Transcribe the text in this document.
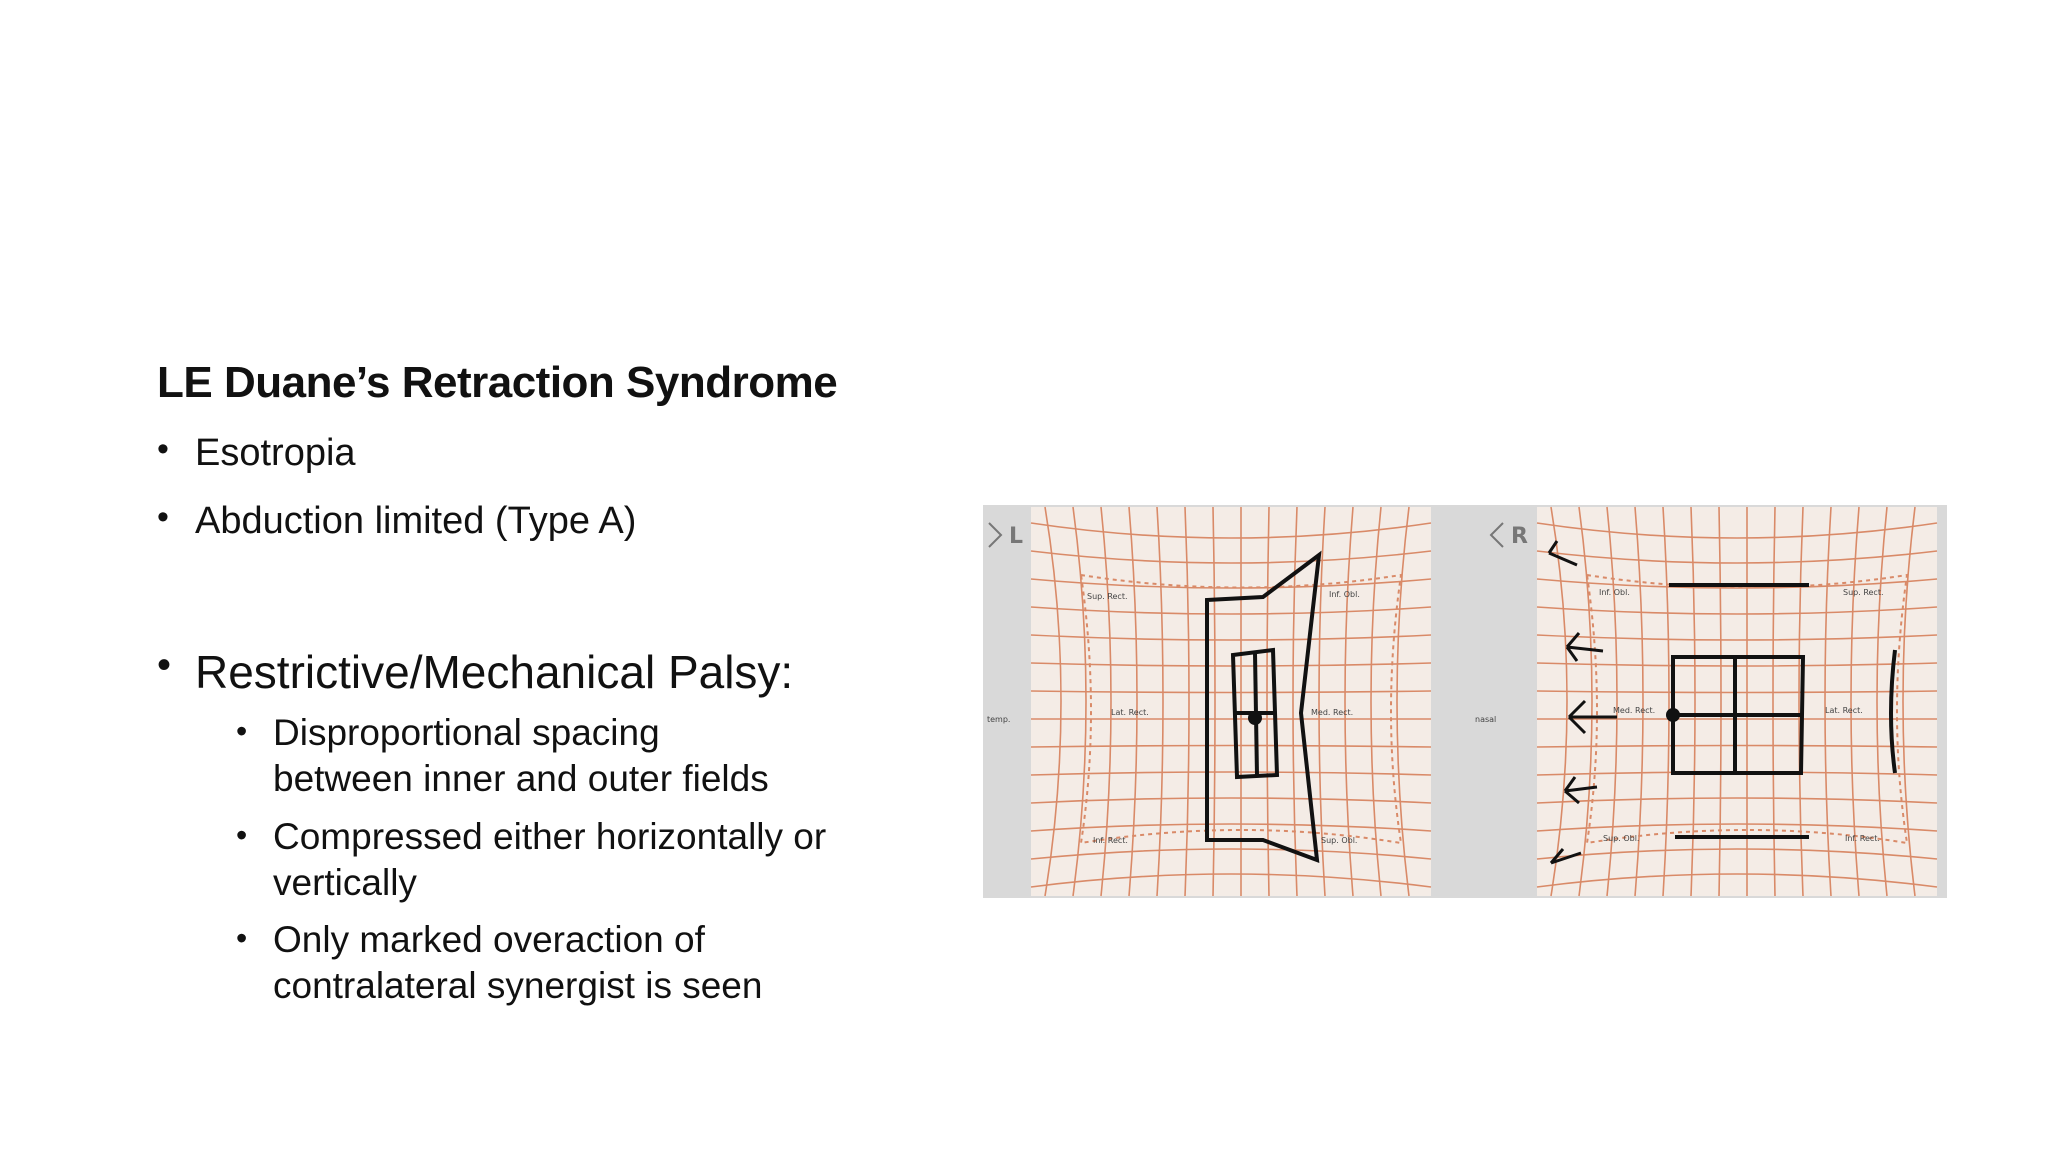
LE Duane’s Retraction Syndrome
• Esotropia
• Abduction limited (Type A)
• Restrictive/Mechanical Palsy:
• Disproportional spacing between inner and outer fields
• Compressed either horizontally or vertically
• Only marked overaction of contralateral synergist is seen
Sup. Rect.	Inf. Obl.
Lat. Rect.	Med. Rect.
Inf. Rect.	Sup. Obl.
temp.
L
Inf. Obl.	Sup. Rect.
Med. Rect.	Lat. Rect.
Sup. Obl.	Inf. Rect.
nasal
R
